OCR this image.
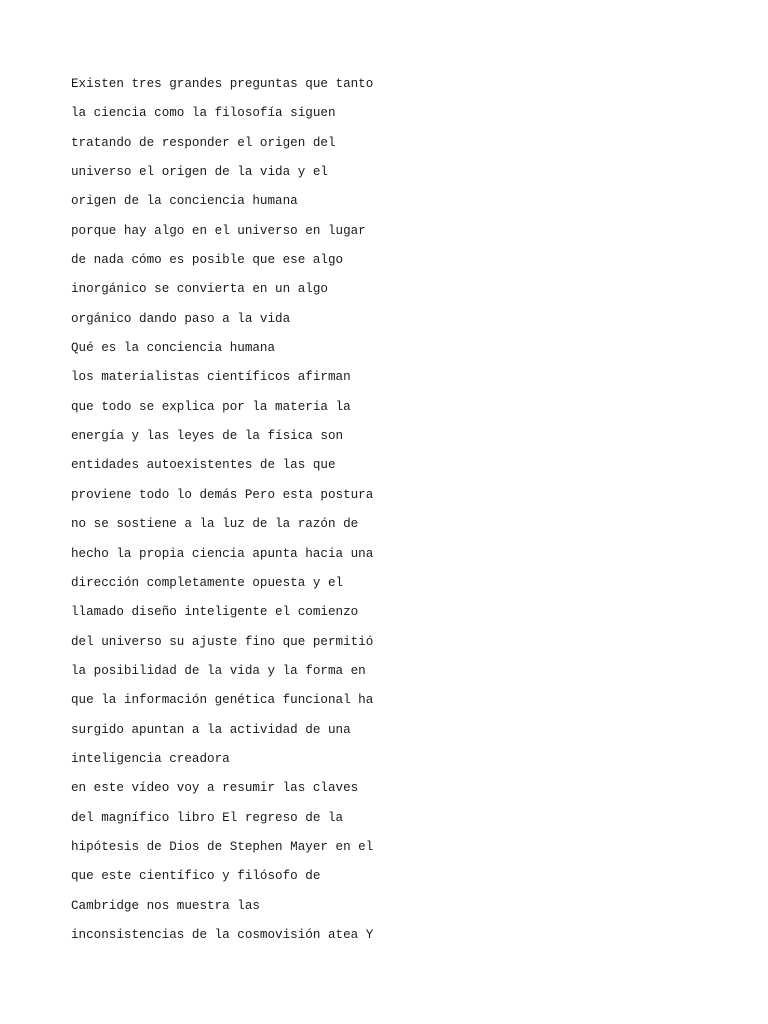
Existen tres grandes preguntas que tanto
la ciencia como la filosofía siguen
tratando de responder el origen del
universo el origen de la vida y el
origen de la conciencia humana
porque hay algo en el universo en lugar
de nada cómo es posible que ese algo
inorgánico se convierta en un algo
orgánico dando paso a la vida
Qué es la conciencia humana
los materialistas científicos afirman
que todo se explica por la materia la
energía y las leyes de la física son
entidades autoexistentes de las que
proviene todo lo demás Pero esta postura
no se sostiene a la luz de la razón de
hecho la propia ciencia apunta hacia una
dirección completamente opuesta y el
llamado diseño inteligente el comienzo
del universo su ajuste fino que permitió
la posibilidad de la vida y la forma en
que la información genética funcional ha
surgido apuntan a la actividad de una
inteligencia creadora
en este vídeo voy a resumir las claves
del magnífico libro El regreso de la
hipótesis de Dios de Stephen Mayer en el
que este científico y filósofo de
Cambridge nos muestra las
inconsistencias de la cosmovisión atea Y
